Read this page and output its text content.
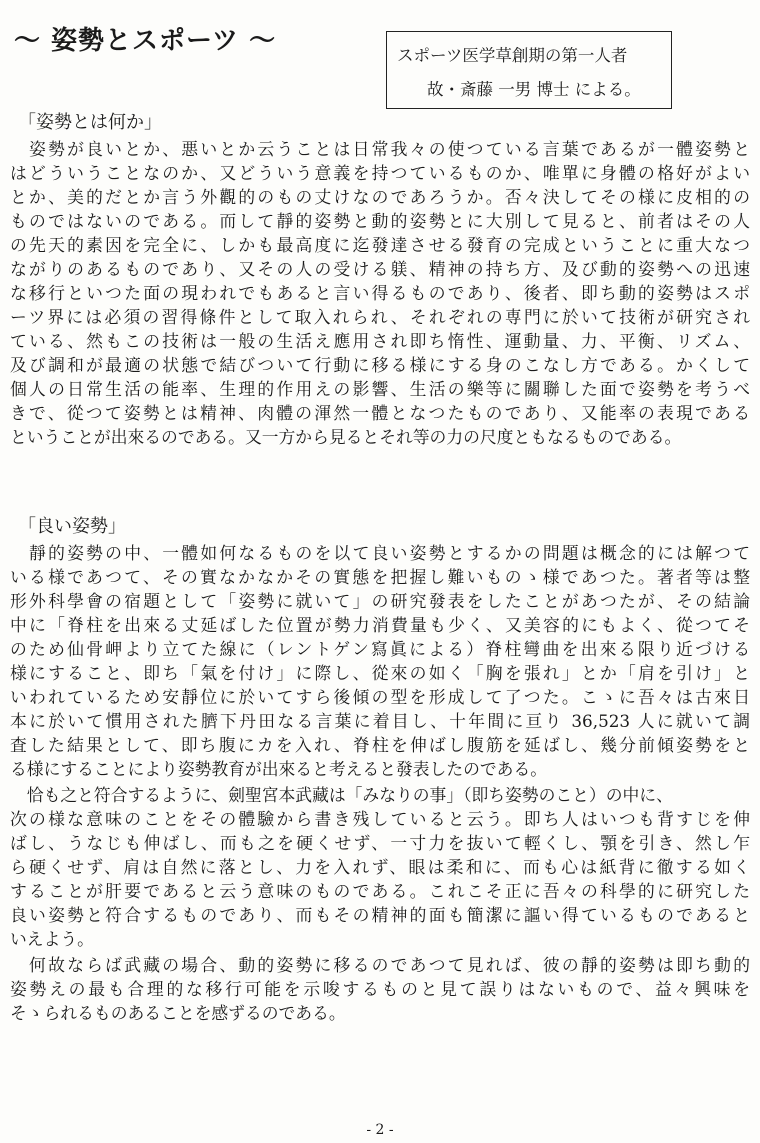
〜 姿勢とスポーツ 〜	スポーツ医学草創期の第一人者
故・斎藤 一男 博士 による。
「姿勢とは何か」
　姿勢が良いとか、悪いとか云うことは日常我々の使つている言葉であるが一體姿勢と
はどういうことなのか、又どういう意義を持つているものか、唯單に身體の格好がよい
とか、美的だとか言う外觀的のもの丈けなのであろうか。否々決してその様に皮相的の
ものではないのである。而して靜的姿勢と動的姿勢とに大別して見ると、前者はその人
の先天的素因を完全に、しかも最高度に迄發達させる發育の完成ということに重大なつ
ながりのあるものであり、又その人の受ける躾、精神の持ち方、及び動的姿勢への迅速
な移行といつた面の現われでもあると言い得るものであり、後者、即ち動的姿勢はスポ
ーツ界には必須の習得條件として取入れられ、それぞれの専門に於いて技術が研究され
ている、然もこの技術は一般の生活え應用され即ち惰性、運動量、力、平衡、リズム、
及び調和が最適の状態で結びついて行動に移る様にする身のこなし方である。かくして
個人の日常生活の能率、生理的作用えの影響、生活の樂等に關聯した面で姿勢を考うべ
きで、從つて姿勢とは精神、肉體の渾然一體となつたものであり、又能率の表現である
ということが出來るのである。又一方から見るとそれ等の力の尺度ともなるものである。
「良い姿勢」
　靜的姿勢の中、一體如何なるものを以て良い姿勢とするかの問題は概念的には解つて
いる様であつて、その實なかなかその實態を把握し難いものゝ様であつた。著者等は整
形外科學會の宿題として「姿勢に就いて」の研究發表をしたことがあつたが、その結論
中に「脊柱を出來る丈延ばした位置が勢力消費量も少く、又美容的にもよく、從つてそ
のため仙骨岬より立てた線に（レントゲン寫眞による）脊柱彎曲を出來る限り近づける
様にすること、即ち「氣を付け」に際し、從來の如く「胸を張れ」とか「肩を引け」と
いわれているため安靜位に於いてすら後傾の型を形成して了つた。こゝに吾々は古來日
本に於いて慣用された臍下丹田なる言葉に着目し、十年間に亘り 36,523 人に就いて調
査した結果として、即ち腹にカを入れ、脊柱を伸ばし腹筋を延ばし、幾分前傾姿勢をと
る様にすることにより姿勢教育が出來ると考えると發表したのである。
　恰も之と符合するように、劍聖宮本武藏は「みなりの事」（即ち姿勢のこと）の中に、
次の様な意味のことをその體驗から書き残していると云う。即ち人はいつも背すじを伸
ばし、うなじも伸ばし、而も之を硬くせず、一寸力を抜いて輕くし、顎を引き、然し乍
ら硬くせず、肩は自然に落とし、力を入れず、眼は柔和に、而も心は紙背に徹する如く
することが肝要であると云う意味のものである。これこそ正に吾々の科學的に研究した
良い姿勢と符合するものであり、而もその精神的面も簡潔に謳い得ているものであると
いえよう。
　何故ならば武藏の場合、動的姿勢に移るのであつて見れば、彼の靜的姿勢は即ち動的
姿勢えの最も合理的な移行可能を示唆するものと見て誤りはないもので、益々興味を
そゝられるものあることを感ずるのである。
- 2 -
